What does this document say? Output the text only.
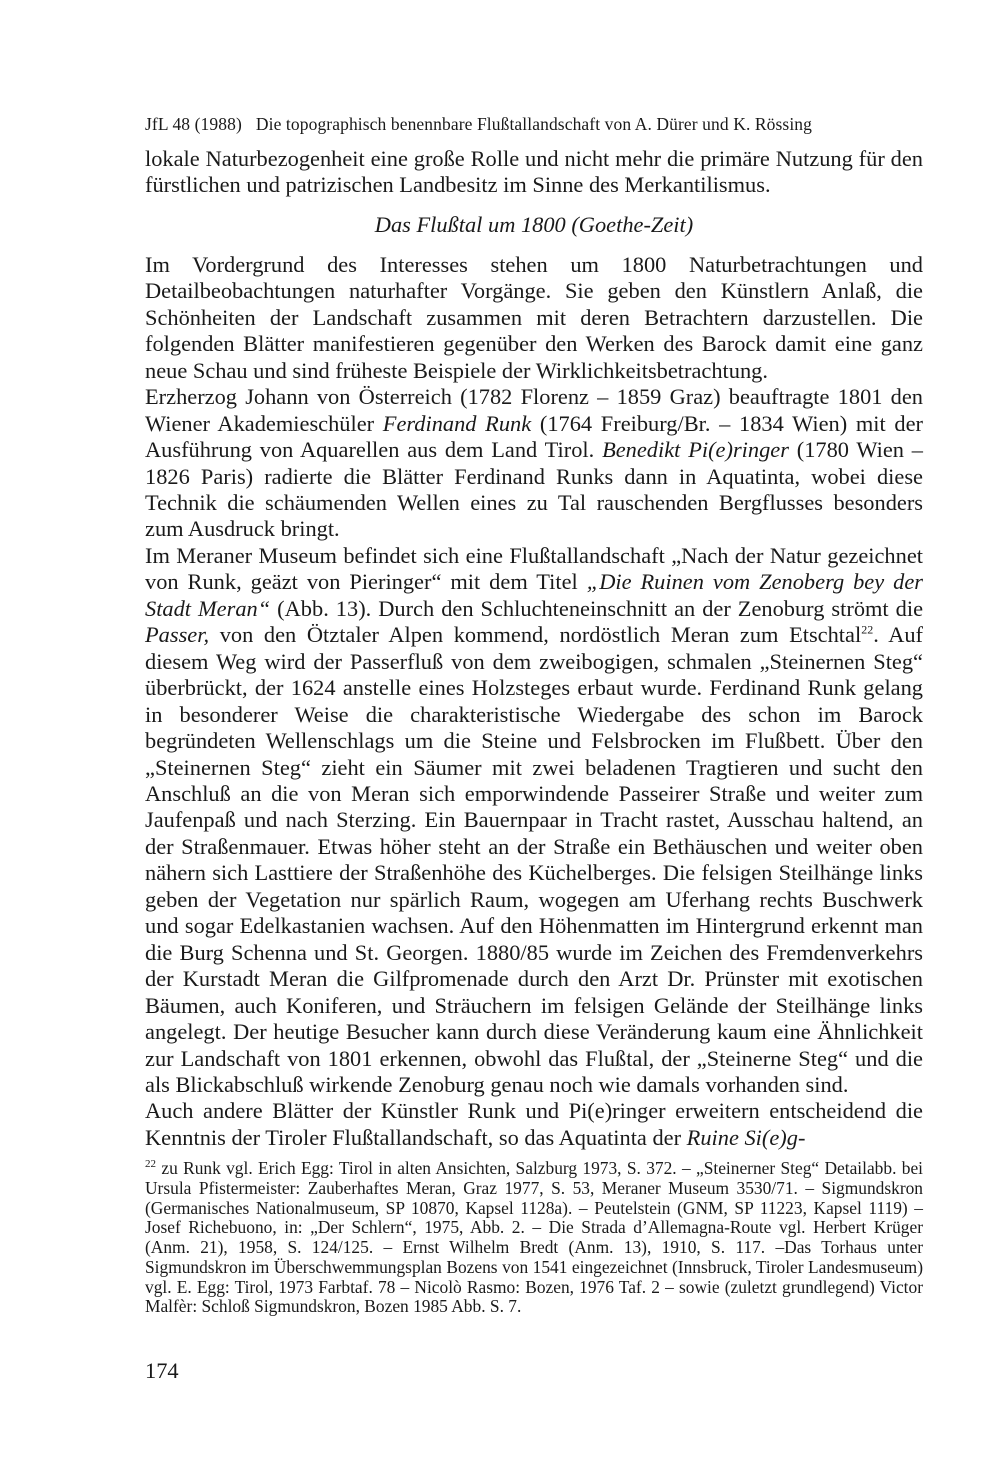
JfL 48 (1988) Die topographisch benennbare Flußtallandschaft von A. Dürer und K. Rössing

lokale Naturbezogenheit eine große Rolle und nicht mehr die primäre Nutzung für den fürstlichen und patrizischen Landbesitz im Sinne des Merkantilismus.

Das Flußtal um 1800 (Goethe-Zeit)

Im Vordergrund des Interesses stehen um 1800 Naturbetrachtungen und Detailbeobachtungen naturhafter Vorgänge. Sie geben den Künstlern Anlaß, die Schönheiten der Landschaft zusammen mit deren Betrachtern darzustellen. Die folgenden Blätter manifestieren gegenüber den Werken des Barock damit eine ganz neue Schau und sind früheste Beispiele der Wirklichkeitsbetrachtung.

Erzherzog Johann von Österreich (1782 Florenz – 1859 Graz) beauftragte 1801 den Wiener Akademieschüler Ferdinand Runk (1764 Freiburg/Br. – 1834 Wien) mit der Ausführung von Aquarellen aus dem Land Tirol. Benedikt Pi(e)ringer (1780 Wien – 1826 Paris) radierte die Blätter Ferdinand Runks dann in Aquatinta, wobei diese Technik die schäumenden Wellen eines zu Tal rauschenden Bergflusses besonders zum Ausdruck bringt.

Im Meraner Museum befindet sich eine Flußtallandschaft „Nach der Natur gezeichnet von Runk, geäzt von Pieringer“ mit dem Titel „Die Ruinen vom Zenoberg bey der Stadt Meran“ (Abb. 13). Durch den Schluchteneinschnitt an der Zenoburg strömt die Passer, von den Ötztaler Alpen kommend, nordöstlich Meran zum Etschtal$^{22}$. Auf diesem Weg wird der Passerfluß von dem zweibogigen, schmalen „Steinernen Steg“ überbrückt, der 1624 anstelle eines Holzsteges erbaut wurde. Ferdinand Runk gelang in besonderer Weise die charakteristische Wiedergabe des schon im Barock begründeten Wellenschlags um die Steine und Felsbrocken im Flußbett. Über den „Steinernen Steg“ zieht ein Säumer mit zwei beladenen Tragtieren und sucht den Anschluß an die von Meran sich emporwindende Passeirer Straße und weiter zum Jaufenpaß und nach Sterzing. Ein Bauernpaar in Tracht rastet, Ausschau haltend, an der Straßenmauer. Etwas höher steht an der Straße ein Bethäuschen und weiter oben nähern sich Lasttiere der Straßenhöhe des Küchelberges. Die felsigen Steilhänge links geben der Vegetation nur spärlich Raum, wogegen am Uferhang rechts Buschwerk und sogar Edelkastanien wachsen. Auf den Höhenmatten im Hintergrund erkennt man die Burg Schenna und St. Georgen. 1880/85 wurde im Zeichen des Fremdenverkehrs der Kurstadt Meran die Gilfpromenade durch den Arzt Dr. Prünster mit exotischen Bäumen, auch Koniferen, und Sträuchern im felsigen Gelände der Steilhänge links angelegt. Der heutige Besucher kann durch diese Veränderung kaum eine Ähnlichkeit zur Landschaft von 1801 erkennen, obwohl das Flußtal, der „Steinerne Steg“ und die als Blickabschluß wirkende Zenoburg genau noch wie damals vorhanden sind.

Auch andere Blätter der Künstler Runk und Pi(e)ringer erweitern entscheidend die Kenntnis der Tiroler Flußtallandschaft, so das Aquatinta der Ruine Si(e)g-

$^{22}$ zu Runk vgl. Erich Egg: Tirol in alten Ansichten, Salzburg 1973, S. 372. – „Steinerner Steg“ Detailabb. bei Ursula Pfistermeister: Zauberhaftes Meran, Graz 1977, S. 53, Meraner Museum 3530/71. – Sigmundskron (Germanisches Nationalmuseum, SP 10870, Kapsel 1128a). – Peutelstein (GNM, SP 11223, Kapsel 1119) – Josef Richebuono, in: „Der Schlern“, 1975, Abb. 2. – Die Strada d’Allemagna-Route vgl. Herbert Krüger (Anm. 21), 1958, S. 124/125. – Ernst Wilhelm Bredt (Anm. 13), 1910, S. 117. –Das Torhaus unter Sigmundskron im Überschwemmungsplan Bozens von 1541 eingezeichnet (Innsbruck, Tiroler Landesmuseum) vgl. E. Egg: Tirol, 1973 Farbtaf. 78 – Nicolò Rasmo: Bozen, 1976 Taf. 2 – sowie (zuletzt grundlegend) Victor Malfèr: Schloß Sigmundskron, Bozen 1985 Abb. S. 7.
174
